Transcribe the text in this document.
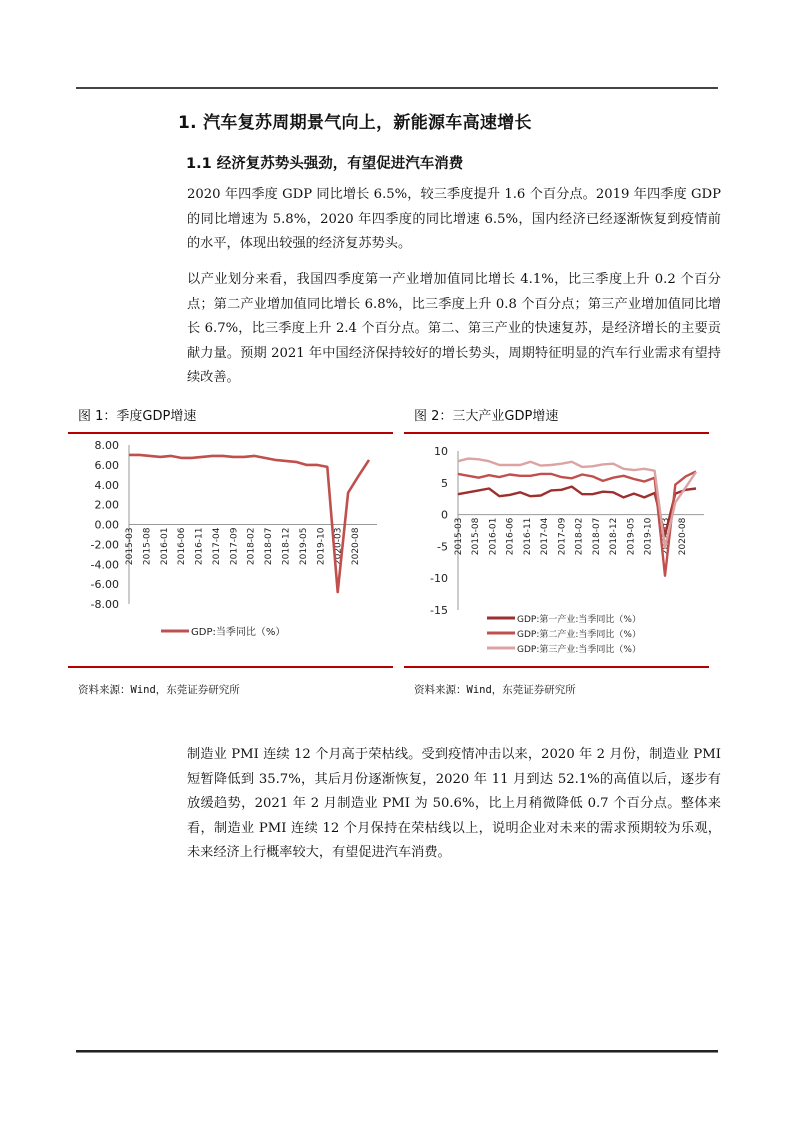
1. 汽车复苏周期景气向上，新能源车高速增长
1.1 经济复苏势头强劲，有望促进汽车消费
2020 年四季度 GDP 同比增长 6.5%，较三季度提升 1.6 个百分点。2019 年四季度 GDP 的同比增速为 5.8%，2020 年四季度的同比增速 6.5%，国内经济已经逐渐恢复到疫情前的水平，体现出较强的经济复苏势头。
以产业划分来看，我国四季度第一产业增加值同比增长 4.1%，比三季度上升 0.2 个百分点；第二产业增加值同比增长 6.8%，比三季度上升 0.8 个百分点；第三产业增加值同比增长 6.7%，比三季度上升 2.4 个百分点。第二、第三产业的快速复苏，是经济增长的主要贡献力量。预期 2021 年中国经济保持较好的增长势头，周期特征明显的汽车行业需求有望持续改善。
图 1：季度GDP增速
8.00
6.00
4.00
2.00
0.00
-2.00
-4.00
-6.00
-8.00
2015-03 2015-08 2016-01 2016-06 2016-11 2017-04 2017-09 2018-02 2018-07 2018-12 2019-05 2019-10 2020-03 2020-08
GDP:当季同比（%）
资料来源：Wind，东莞证券研究所
图 2：三大产业GDP增速
10
5
0
-5
-10
-15
2015-03 2015-08 2016-01 2016-06 2016-11 2017-04 2017-09 2018-02 2018-07 2018-12 2019-05 2019-10 2020-03 2020-08
GDP:第一产业:当季同比（%）
GDP:第二产业:当季同比（%）
GDP:第三产业:当季同比（%）
资料来源：Wind，东莞证券研究所
制造业 PMI 连续 12 个月高于荣枯线。受到疫情冲击以来，2020 年 2 月份，制造业 PMI 短暂降低到 35.7%，其后月份逐渐恢复，2020 年 11 月到达 52.1%的高值以后，逐步有放缓趋势，2021 年 2 月制造业 PMI 为 50.6%，比上月稍微降低 0.7 个百分点。整体来看，制造业 PMI 连续 12 个月保持在荣枯线以上，说明企业对未来的需求预期较为乐观，未来经济上行概率较大，有望促进汽车消费。
